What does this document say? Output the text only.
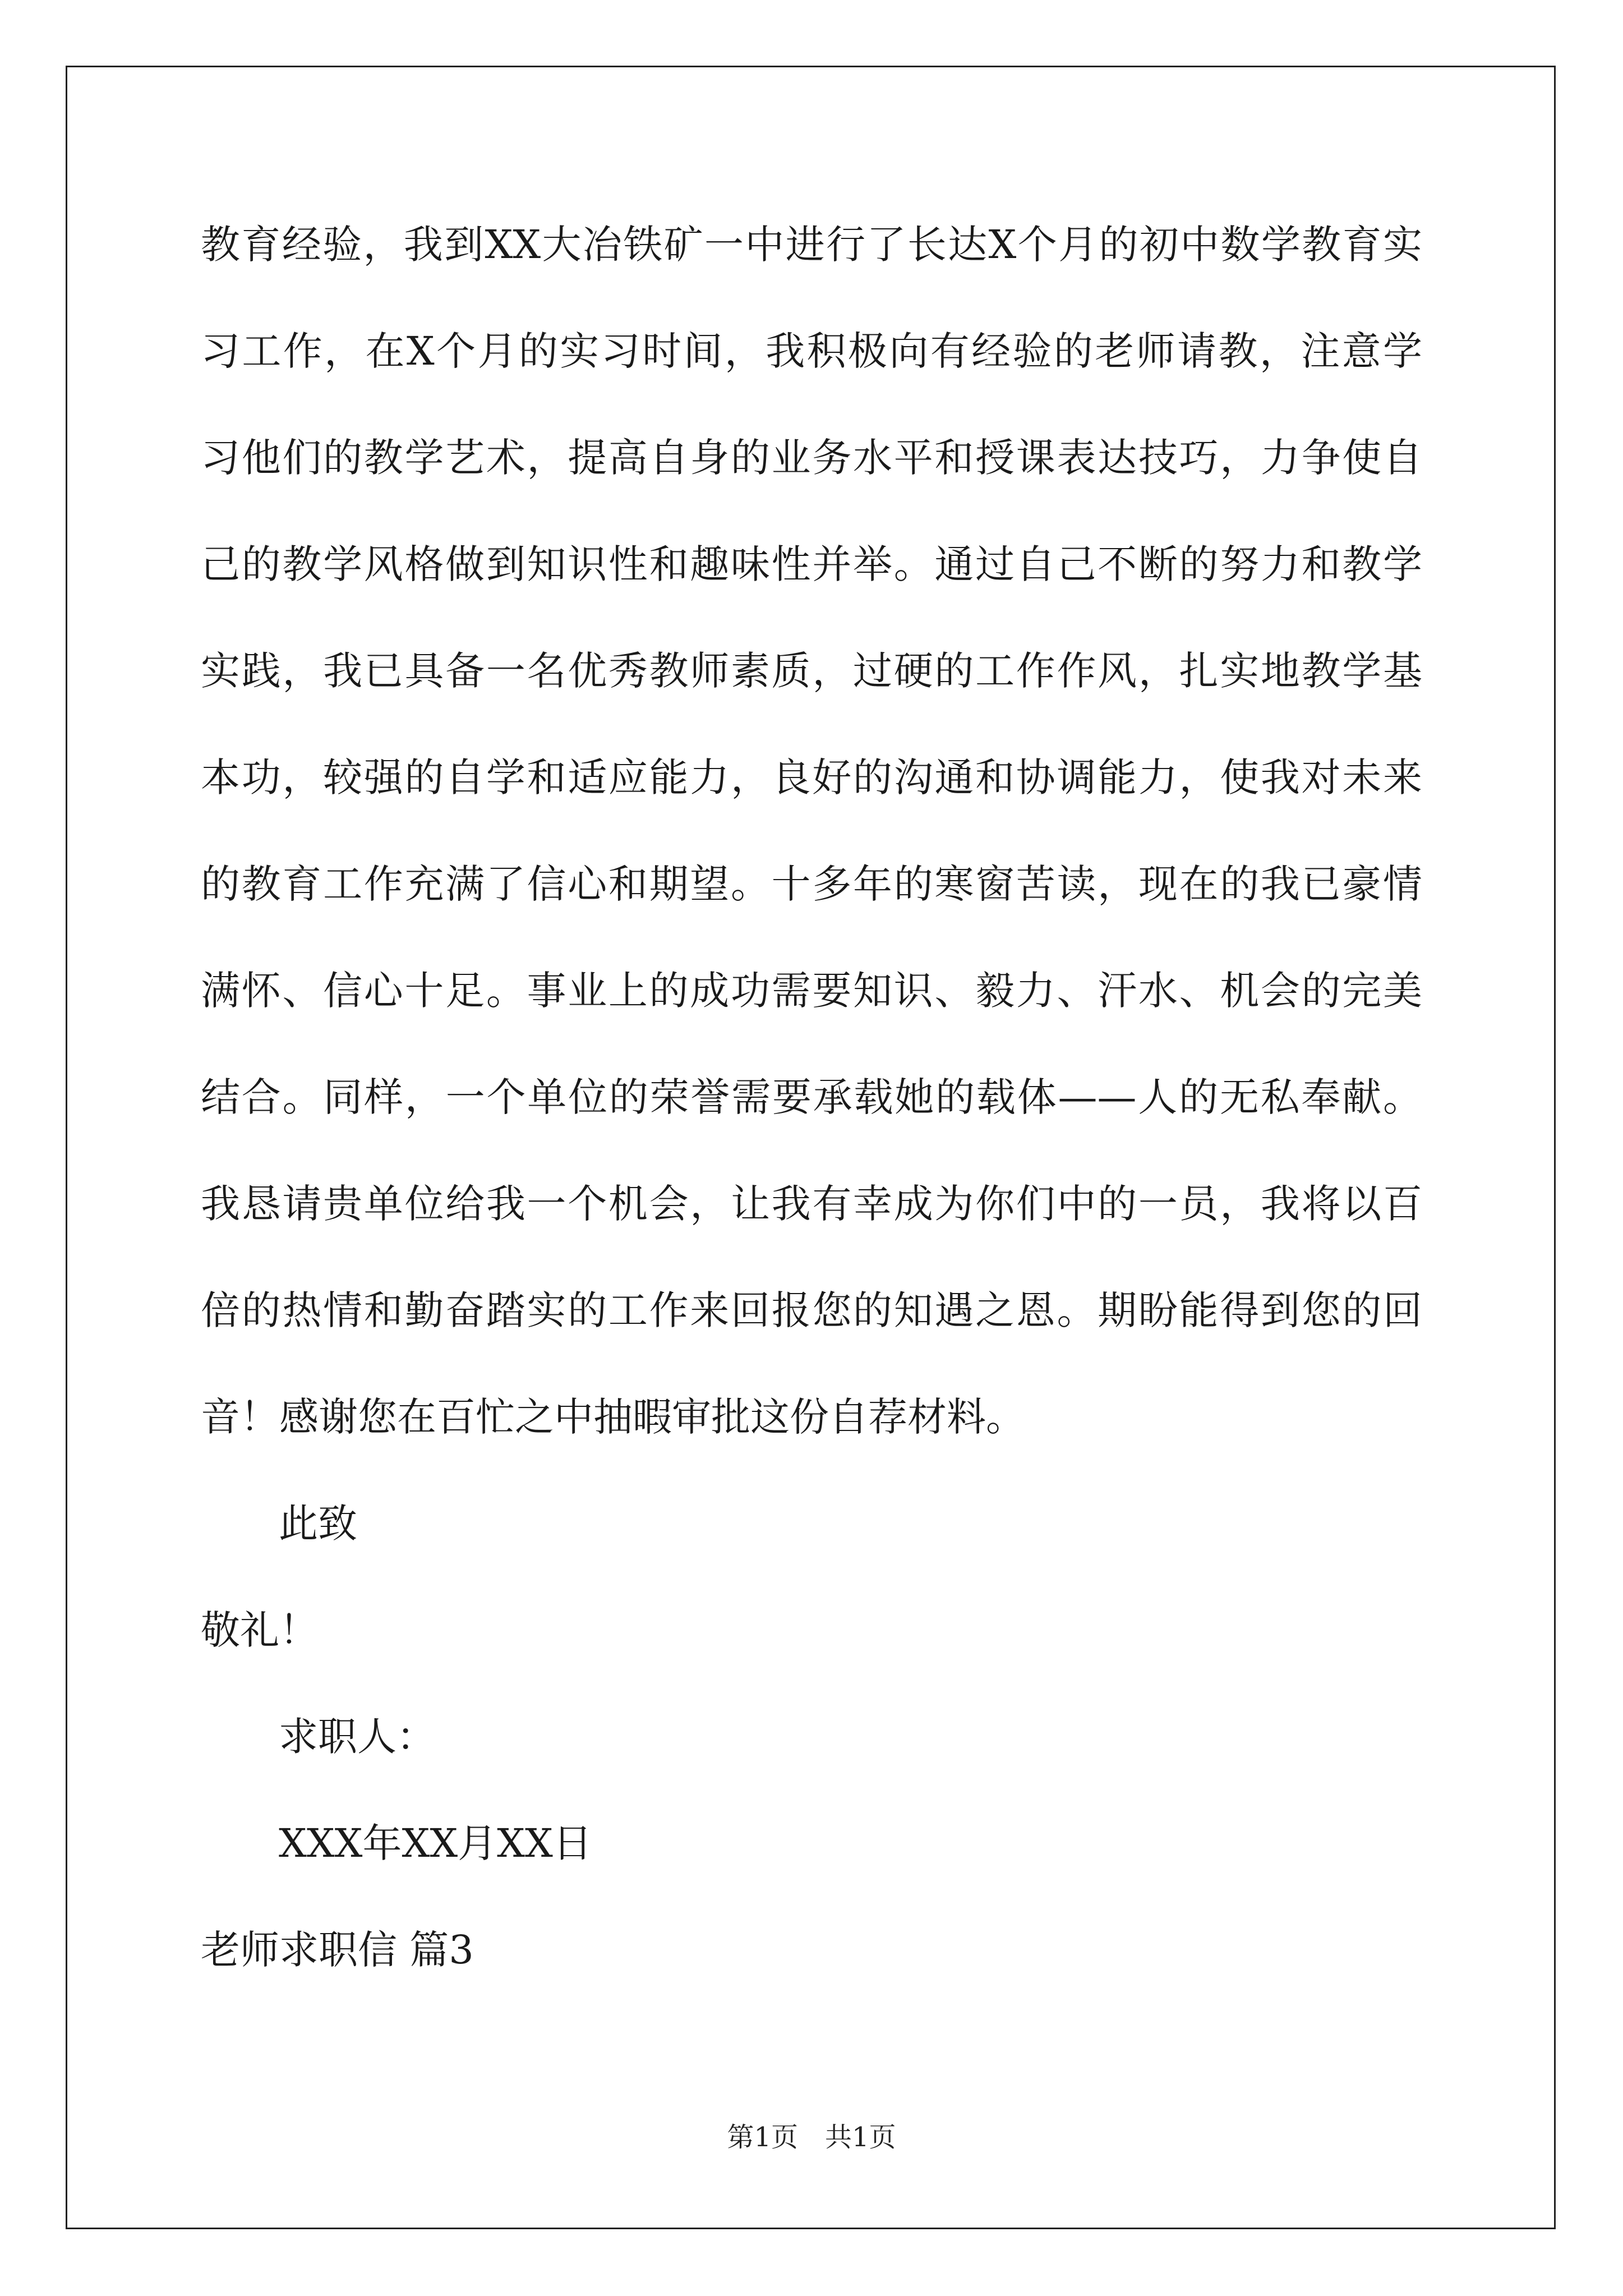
教育经验，我到XX大冶铁矿一中进行了长达X个月的初中数学教育实

习工作，在X个月的实习时间，我积极向有经验的老师请教，注意学

习他们的教学艺术，提高自身的业务水平和授课表达技巧，力争使自

己的教学风格做到知识性和趣味性并举。通过自己不断的努力和教学

实践，我已具备一名优秀教师素质，过硬的工作作风，扎实地教学基

本功，较强的自学和适应能力，良好的沟通和协调能力，使我对未来

的教育工作充满了信心和期望。十多年的寒窗苦读，现在的我已豪情

满怀、信心十足。事业上的成功需要知识、毅力、汗水、机会的完美

结合。同样，一个单位的荣誉需要承载她的载体——人的无私奉献。

我恳请贵单位给我一个机会，让我有幸成为你们中的一员，我将以百

倍的热情和勤奋踏实的工作来回报您的知遇之恩。期盼能得到您的回

音！感谢您在百忙之中抽暇审批这份自荐材料。

此致

敬礼！

求职人：

XXX年XX月XX日

老师求职信 篇3

第1页　共1页
